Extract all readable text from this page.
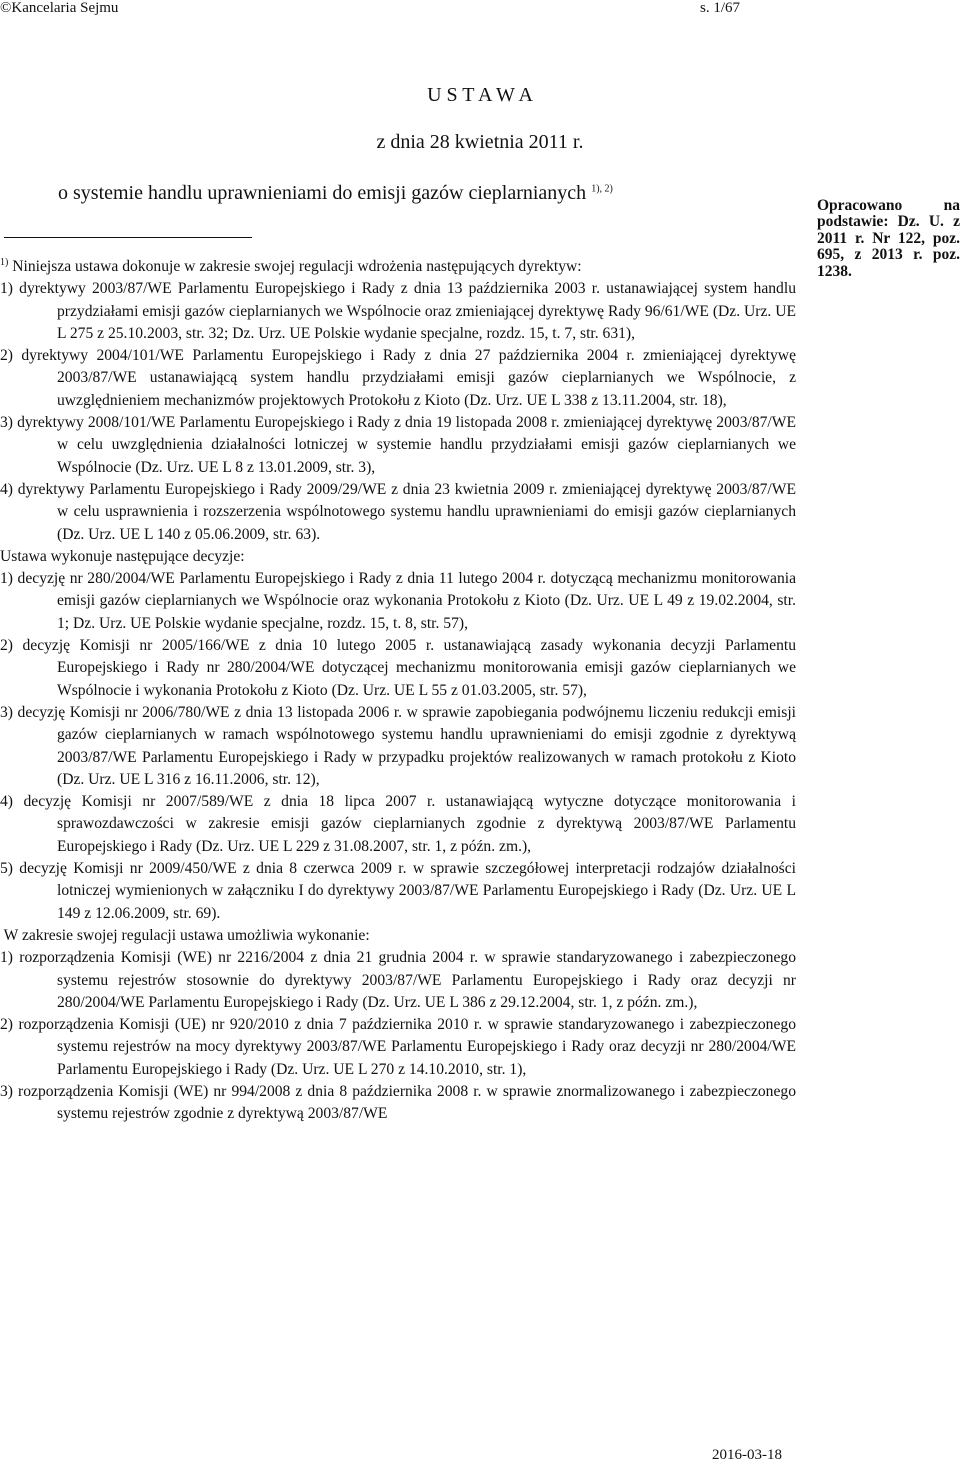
©Kancelaria Sejmu	s. 1/67
U S T A W A
z dnia 28 kwietnia 2011 r.
o systemie handlu uprawnieniami do emisji gazów cieplarnianych $^{1), 2)}$
Opracowano na podstawie: Dz. U. z 2011 r. Nr 122, poz. 695, z 2013 r. poz. 1238.

$^{1)}$ Niniejsza ustawa dokonuje w zakresie swojej regulacji wdrożenia następujących dyrektyw:

1) dyrektywy 2003/87/WE Parlamentu Europejskiego i Rady z dnia 13 października 2003 r. ustanawiającej system handlu przydziałami emisji gazów cieplarnianych we Wspólnocie oraz zmieniającej dyrektywę Rady 96/61/WE (Dz. Urz. UE L 275 z 25.10.2003, str. 32; Dz. Urz. UE Polskie wydanie specjalne, rozdz. 15, t. 7, str. 631),

2) dyrektywy 2004/101/WE Parlamentu Europejskiego i Rady z dnia 27 października 2004 r. zmieniającej dyrektywę 2003/87/WE ustanawiającą system handlu przydziałami emisji gazów cieplarnianych we Wspólnocie, z uwzględnieniem mechanizmów projektowych Protokołu z Kioto (Dz. Urz. UE L 338 z 13.11.2004, str. 18),

3) dyrektywy 2008/101/WE Parlamentu Europejskiego i Rady z dnia 19 listopada 2008 r. zmieniającej dyrektywę 2003/87/WE w celu uwzględnienia działalności lotniczej w systemie handlu przydziałami emisji gazów cieplarnianych we Wspólnocie (Dz. Urz. UE L 8 z 13.01.2009, str. 3),

4) dyrektywy Parlamentu Europejskiego i Rady 2009/29/WE z dnia 23 kwietnia 2009 r. zmieniającej dyrektywę 2003/87/WE w celu usprawnienia i rozszerzenia wspólnotowego systemu handlu uprawnieniami do emisji gazów cieplarnianych (Dz. Urz. UE L 140 z 05.06.2009, str. 63).

Ustawa wykonuje następujące decyzje:

1) decyzję nr 280/2004/WE Parlamentu Europejskiego i Rady z dnia 11 lutego 2004 r. dotyczącą mechanizmu monitorowania emisji gazów cieplarnianych we Wspólnocie oraz wykonania Protokołu z Kioto (Dz. Urz. UE L 49 z 19.02.2004, str. 1; Dz. Urz. UE Polskie wydanie specjalne, rozdz. 15, t. 8, str. 57),

2) decyzję Komisji nr 2005/166/WE z dnia 10 lutego 2005 r. ustanawiającą zasady wykonania decyzji Parlamentu Europejskiego i Rady nr 280/2004/WE dotyczącej mechanizmu monitorowania emisji gazów cieplarnianych we Wspólnocie i wykonania Protokołu z Kioto (Dz. Urz. UE L 55 z 01.03.2005, str. 57),

3) decyzję Komisji nr 2006/780/WE z dnia 13 listopada 2006 r. w sprawie zapobiegania podwójnemu liczeniu redukcji emisji gazów cieplarnianych w ramach wspólnotowego systemu handlu uprawnieniami do emisji zgodnie z dyrektywą 2003/87/WE Parlamentu Europejskiego i Rady w przypadku projektów realizowanych w ramach protokołu z Kioto (Dz. Urz. UE L 316 z 16.11.2006, str. 12),

4) decyzję Komisji nr 2007/589/WE z dnia 18 lipca 2007 r. ustanawiającą wytyczne dotyczące monitorowania i sprawozdawczości w zakresie emisji gazów cieplarnianych zgodnie z dyrektywą 2003/87/WE Parlamentu Europejskiego i Rady (Dz. Urz. UE L 229 z 31.08.2007, str. 1, z późn. zm.),

5) decyzję Komisji nr 2009/450/WE z dnia 8 czerwca 2009 r. w sprawie szczegółowej interpretacji rodzajów działalności lotniczej wymienionych w załączniku I do dyrektywy 2003/87/WE Parlamentu Europejskiego i Rady (Dz. Urz. UE L 149 z 12.06.2009, str. 69).

W zakresie swojej regulacji ustawa umożliwia wykonanie:

1) rozporządzenia Komisji (WE) nr 2216/2004 z dnia 21 grudnia 2004 r. w sprawie standaryzowanego i zabezpieczonego systemu rejestrów stosownie do dyrektywy 2003/87/WE Parlamentu Europejskiego i Rady oraz decyzji nr 280/2004/WE Parlamentu Europejskiego i Rady (Dz. Urz. UE L 386 z 29.12.2004, str. 1, z późn. zm.),

2) rozporządzenia Komisji (UE) nr 920/2010 z dnia 7 października 2010 r. w sprawie standaryzowanego i zabezpieczonego systemu rejestrów na mocy dyrektywy 2003/87/WE Parlamentu Europejskiego i Rady oraz decyzji nr 280/2004/WE Parlamentu Europejskiego i Rady (Dz. Urz. UE L 270 z 14.10.2010, str. 1),

3) rozporządzenia Komisji (WE) nr 994/2008 z dnia 8 października 2008 r. w sprawie znormalizowanego i zabezpieczonego systemu rejestrów zgodnie z dyrektywą 2003/87/WE

2016-03-18
